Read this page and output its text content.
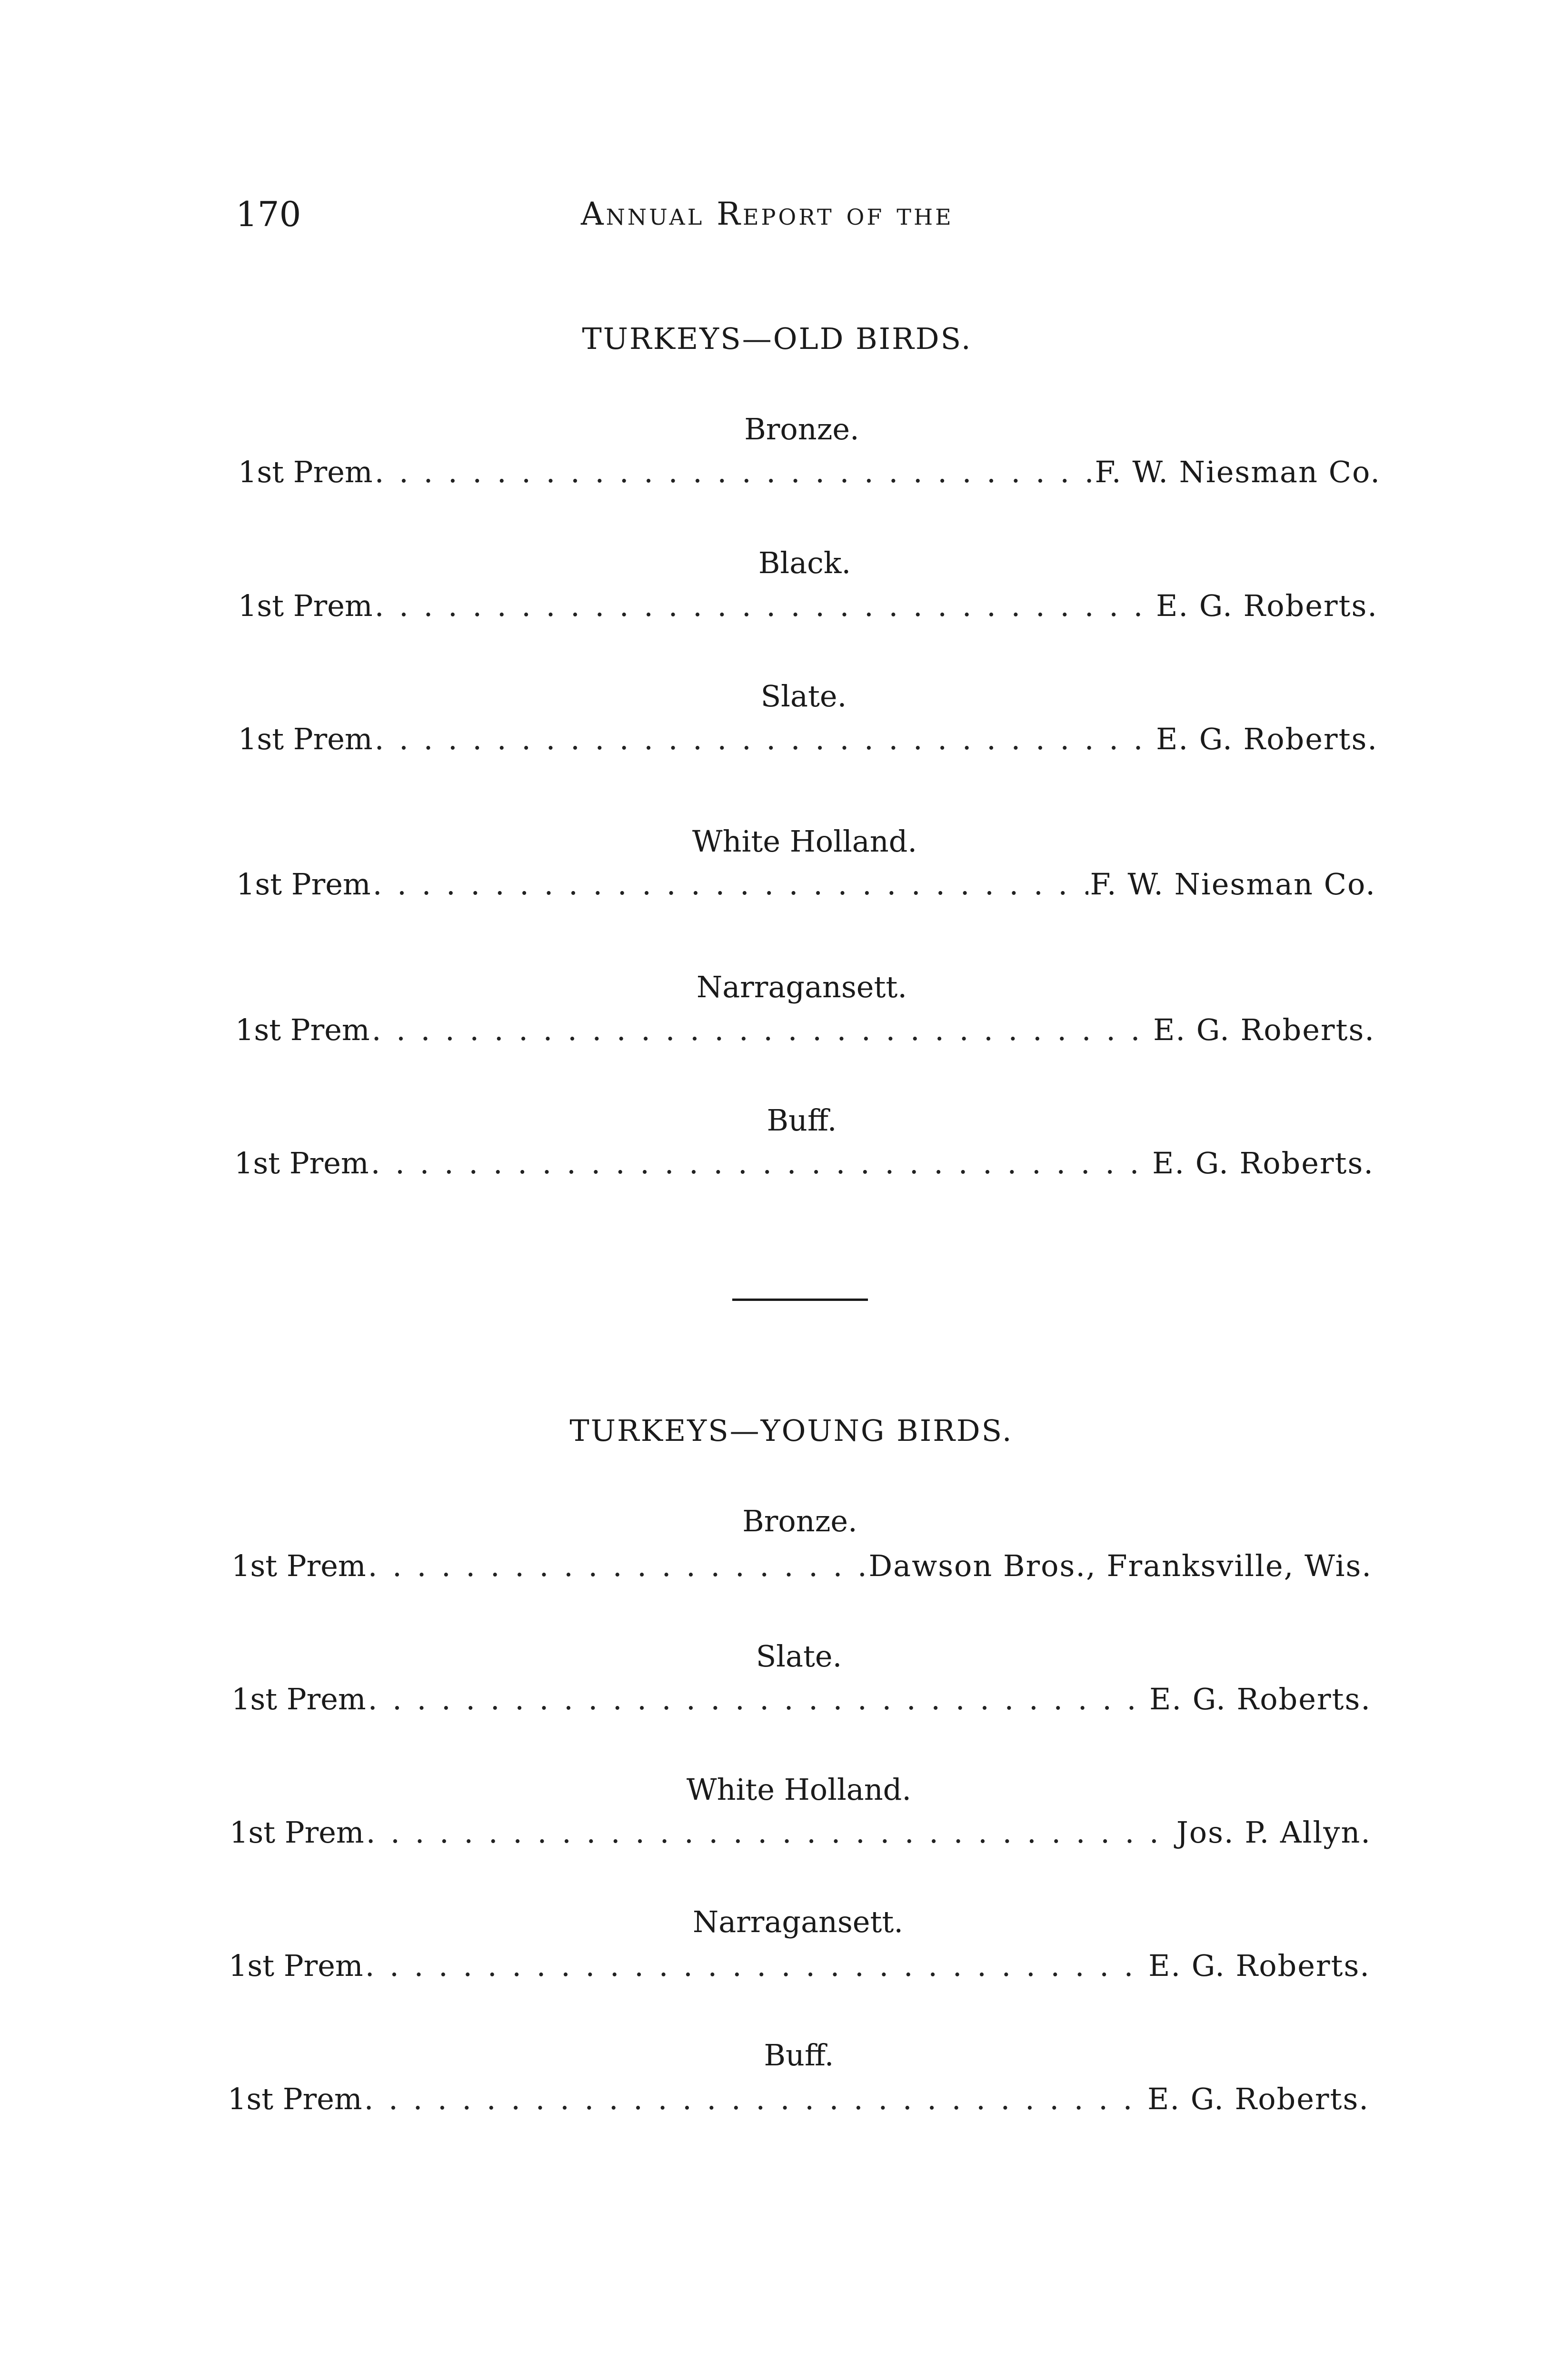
170	Annual Report of the
TURKEYS—OLD BIRDS.
Bronze.
1st Prem . . .	F. W. Niesman Co.
Black.
1st Prem . . .	E. G. Roberts.
Slate.
1st Prem . . .	E. G. Roberts.
White Holland.
1st Prem . . .	F. W. Niesman Co.
Narragansett.
1st Prem . . .	E. G. Roberts.
Buff.
1st Prem . . .	E. G. Roberts.
TURKEYS—YOUNG BIRDS.
Bronze.
1st Prem . . .	Dawson Bros., Franksville, Wis.
Slate.
1st Prem . . .	E. G. Roberts.
White Holland.
1st Prem . . .	Jos. P. Allyn.
Narragansett.
1st Prem . . .	E. G. Roberts.
Buff.
1st Prem . . .	E. G. Roberts.
